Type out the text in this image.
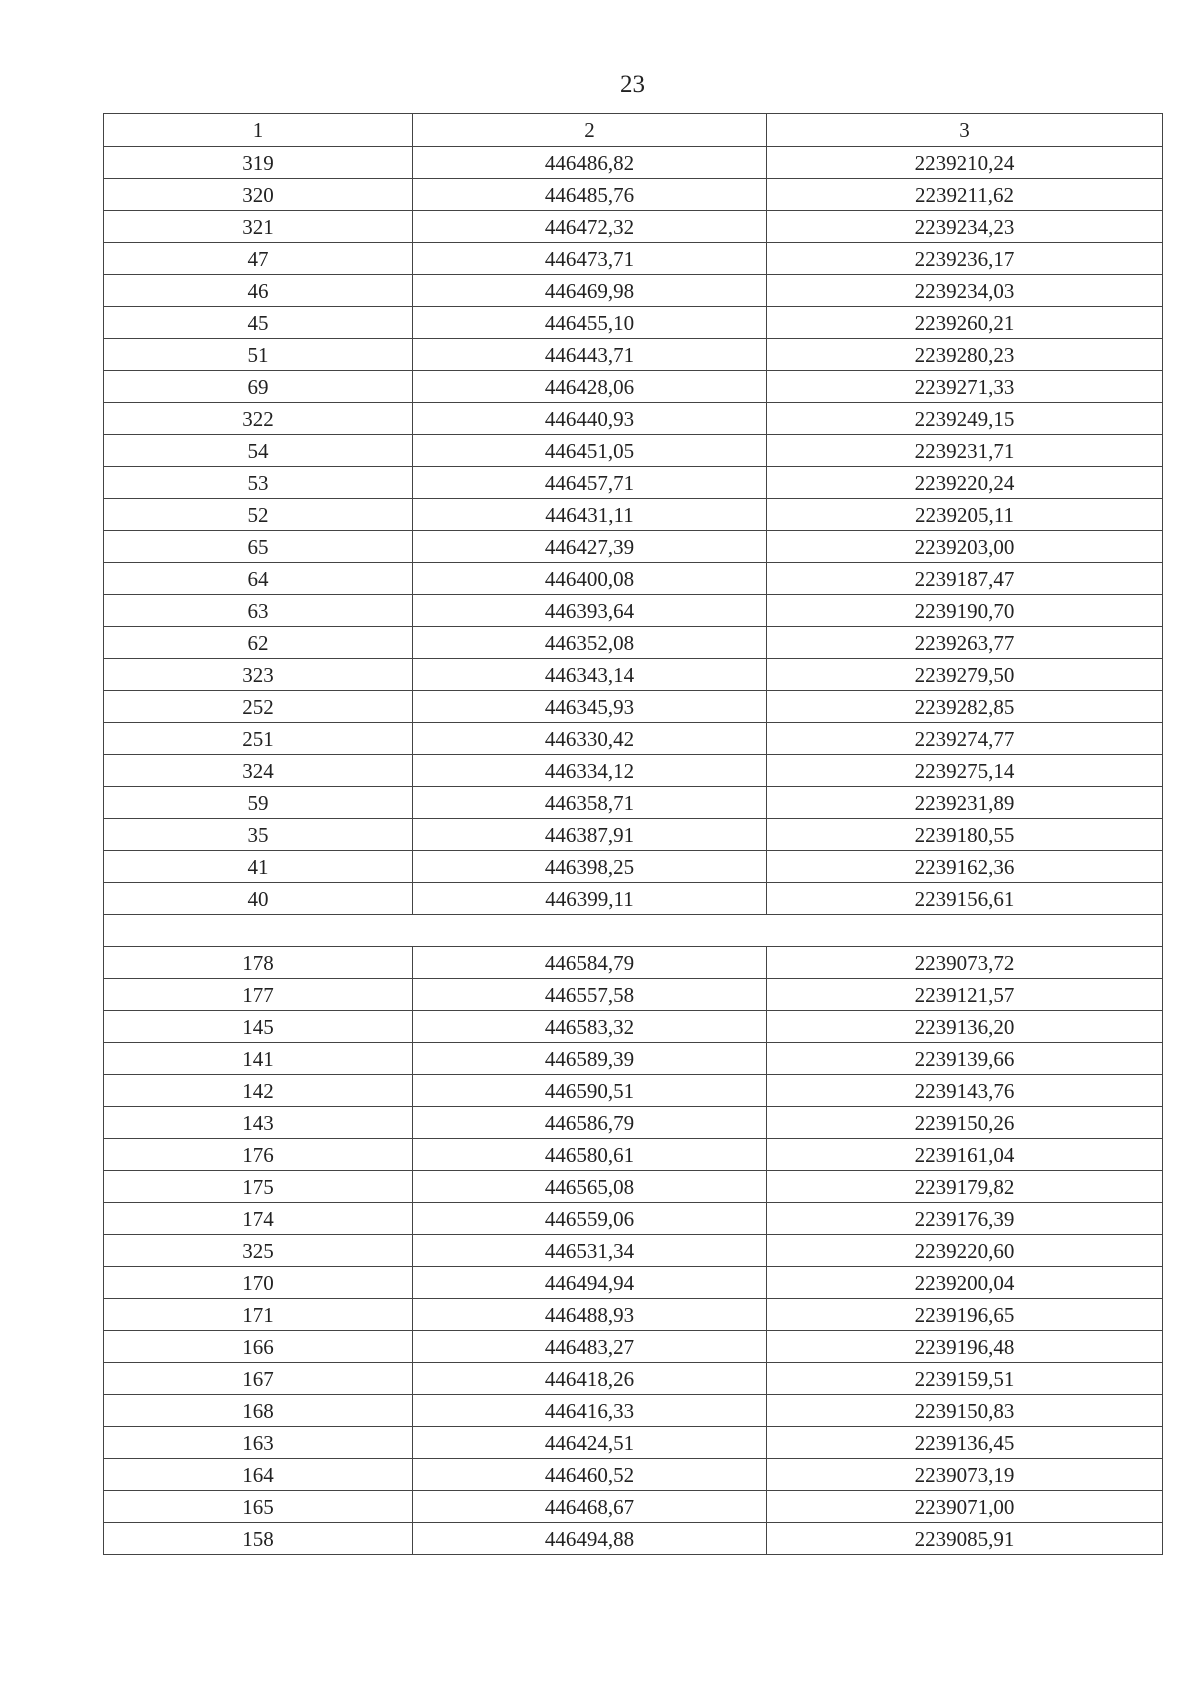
23
1	2	3
319	446486,82	2239210,24
320	446485,76	2239211,62
321	446472,32	2239234,23
47	446473,71	2239236,17
46	446469,98	2239234,03
45	446455,10	2239260,21
51	446443,71	2239280,23
69	446428,06	2239271,33
322	446440,93	2239249,15
54	446451,05	2239231,71
53	446457,71	2239220,24
52	446431,11	2239205,11
65	446427,39	2239203,00
64	446400,08	2239187,47
63	446393,64	2239190,70
62	446352,08	2239263,77
323	446343,14	2239279,50
252	446345,93	2239282,85
251	446330,42	2239274,77
324	446334,12	2239275,14
59	446358,71	2239231,89
35	446387,91	2239180,55
41	446398,25	2239162,36
40	446399,11	2239156,61

178	446584,79	2239073,72
177	446557,58	2239121,57
145	446583,32	2239136,20
141	446589,39	2239139,66
142	446590,51	2239143,76
143	446586,79	2239150,26
176	446580,61	2239161,04
175	446565,08	2239179,82
174	446559,06	2239176,39
325	446531,34	2239220,60
170	446494,94	2239200,04
171	446488,93	2239196,65
166	446483,27	2239196,48
167	446418,26	2239159,51
168	446416,33	2239150,83
163	446424,51	2239136,45
164	446460,52	2239073,19
165	446468,67	2239071,00
158	446494,88	2239085,91
